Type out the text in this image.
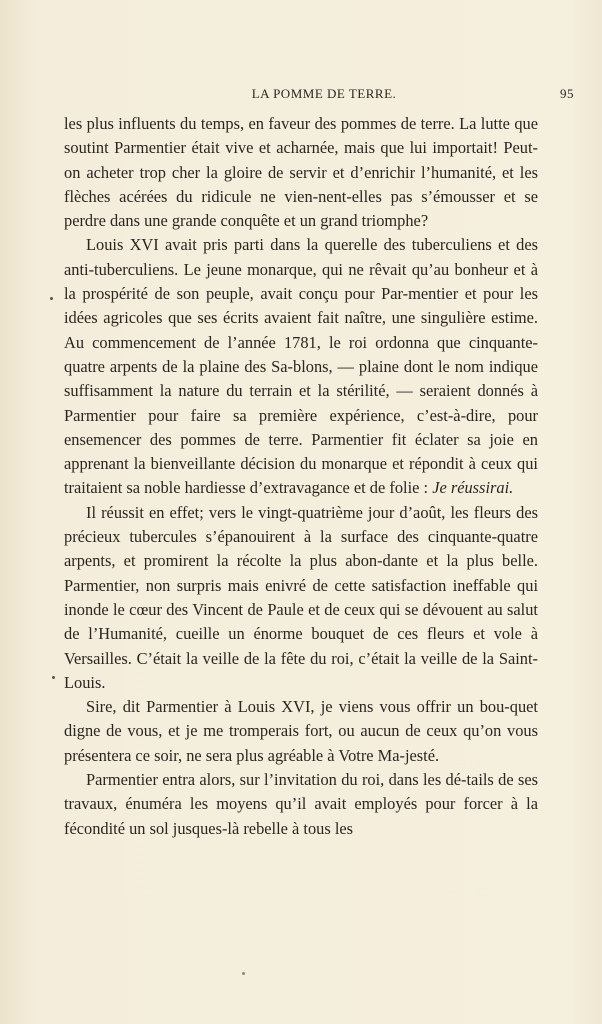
LA POMME DE TERRE.	95

les plus influents du temps, en faveur des pommes de terre. La lutte que soutint Parmentier était vive et acharnée, mais que lui importait! Peut-on acheter trop cher la gloire de servir et d’enrichir l’humanité, et les flèches acérées du ridicule ne vien-nent-elles pas s’émousser et se perdre dans une grande conquête et un grand triomphe?

Louis XVI avait pris parti dans la querelle des tuberculiens et des anti-tuberculiens. Le jeune monarque, qui ne rêvait qu’au bonheur et à la prospérité de son peuple, avait conçu pour Par-mentier et pour les idées agricoles que ses écrits avaient fait naître, une singulière estime. Au commencement de l’année 1781, le roi ordonna que cinquante-quatre arpents de la plaine des Sa-blons, — plaine dont le nom indique suffisamment la nature du terrain et la stérilité, — seraient donnés à Parmentier pour faire sa première expérience, c’est-à-dire, pour ensemencer des pommes de terre. Parmentier fit éclater sa joie en apprenant la bienveillante décision du monarque et répondit à ceux qui traitaient sa noble hardiesse d’extravagance et de folie : Je réussirai.

Il réussit en effet; vers le vingt-quatrième jour d’août, les fleurs des précieux tubercules s’épanouirent à la surface des cinquante-quatre arpents, et promirent la récolte la plus abon-dante et la plus belle. Parmentier, non surpris mais enivré de cette satisfaction ineffable qui inonde le cœur des Vincent de Paule et de ceux qui se dévouent au salut de l’Humanité, cueille un énorme bouquet de ces fleurs et vole à Versailles. C’était la veille de la fête du roi, c’était la veille de la Saint-Louis.

Sire, dit Parmentier à Louis XVI, je viens vous offrir un bou-quet digne de vous, et je me tromperais fort, ou aucun de ceux qu’on vous présentera ce soir, ne sera plus agréable à Votre Ma-jesté.

Parmentier entra alors, sur l’invitation du roi, dans les dé-tails de ses travaux, énuméra les moyens qu’il avait employés pour forcer à la fécondité un sol jusques-là rebelle à tous les
